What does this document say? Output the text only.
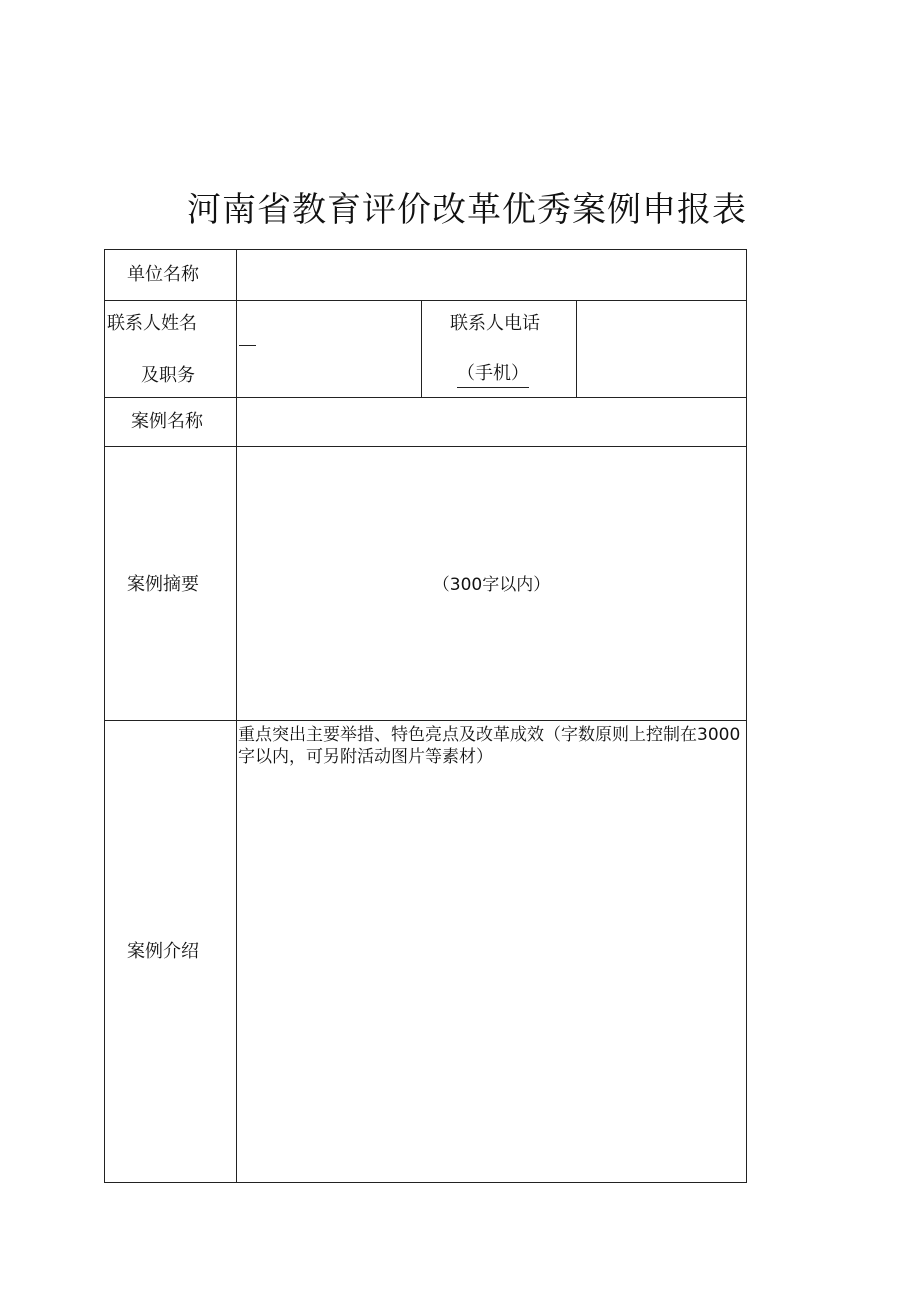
河南省教育评价改革优秀案例申报表
单位名称
联系人姓名
及职务
联系人电话
（手机）
案例名称
案例摘要	（300字以内）
案例介绍
重点突出主要举措、特色亮点及改革成效（字数原则上控制在3000字以内，可另附活动图片等素材）
